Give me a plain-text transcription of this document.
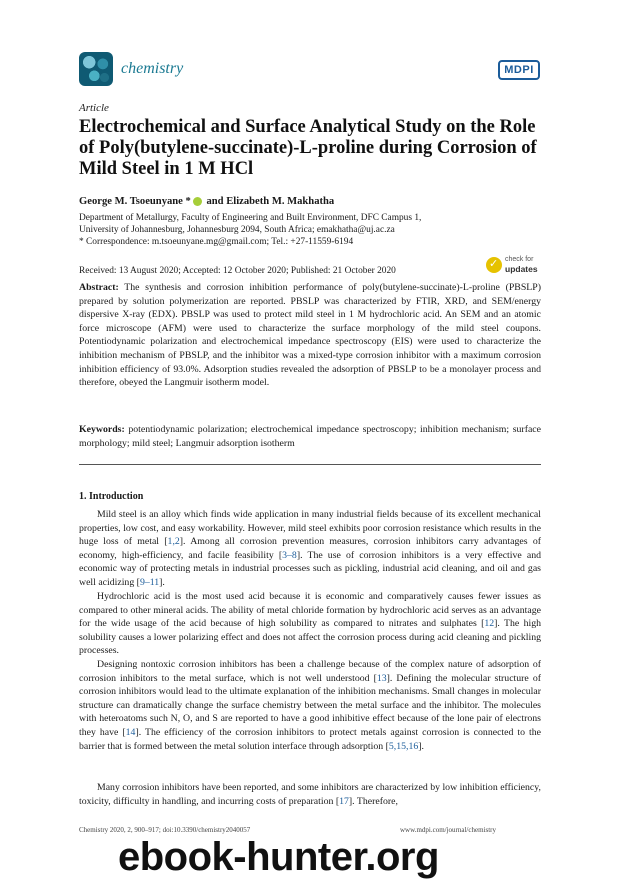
chemistry	MDPI
Article
Electrochemical and Surface Analytical Study on the Role of Poly(butylene-succinate)-L-proline during Corrosion of Mild Steel in 1 M HCl
George M. Tsoeunyane * and Elizabeth M. Makhatha
Department of Metallurgy, Faculty of Engineering and Built Environment, DFC Campus 1,
University of Johannesburg, Johannesburg 2094, South Africa; emakhatha@uj.ac.za
* Correspondence: m.tsoeunyane.mg@gmail.com; Tel.: +27-11559-6194
Received: 13 August 2020; Accepted: 12 October 2020; Published: 21 October 2020
✓
check for
updates
Abstract: The synthesis and corrosion inhibition performance of poly(butylene-succinate)-L-proline (PBSLP) prepared by solution polymerization are reported. PBSLP was characterized by FTIR, XRD, and SEM/energy dispersive X-ray (EDX). PBSLP was used to protect mild steel in 1 M hydrochloric acid. An SEM and an atomic force microscope (AFM) were used to characterize the surface morphology of the mild steel coupons. Potentiodynamic polarization and electrochemical impedance spectroscopy (EIS) were used to characterize the inhibition mechanism of PBSLP, and the inhibitor was a mixed-type corrosion inhibitor with a maximum corrosion inhibition efficiency of 93.0%. Adsorption studies revealed the adsorption of PBSLP to be a monolayer process and therefore, obeyed the Langmuir isotherm model.
Keywords: potentiodynamic polarization; electrochemical impedance spectroscopy; inhibition mechanism; surface morphology; mild steel; Langmuir adsorption isotherm
1. Introduction

Mild steel is an alloy which finds wide application in many industrial fields because of its excellent mechanical properties, low cost, and easy workability. However, mild steel exhibits poor corrosion resistance which results in the huge loss of metal [1,2]. Among all corrosion prevention measures, corrosion inhibitors carry advantages of economy, high-efficiency, and facile feasibility [3–8]. The use of corrosion inhibitors is a very effective and economic way of protecting metals in industrial processes such as pickling, industrial acid cleaning, and oil and gas well acidizing [9–11].

Hydrochloric acid is the most used acid because it is economic and comparatively causes fewer issues as compared to other mineral acids. The ability of metal chloride formation by hydrochloric acid serves as an advantage for the wide usage of the acid because of high solubility as compared to nitrates and sulphates [12]. The high solubility causes a lower polarizing effect and does not affect the corrosion process during acid cleaning and pickling processes.

Designing nontoxic corrosion inhibitors has been a challenge because of the complex nature of adsorption of corrosion inhibitors to the metal surface, which is not well understood [13]. Defining the molecular structure of corrosion inhibitors would lead to the ultimate explanation of the inhibition mechanisms. Small changes in molecular structure can dramatically change the surface chemistry between the metal surface and the inhibitor. The molecules with heteroatoms such N, O, and S are reported to have a good inhibitive effect because of the lone pair of electrons they have [14]. The efficiency of the corrosion inhibitors to protect metals against corrosion is connected to the barrier that is formed between the metal solution interface through adsorption [5,15,16].

Many corrosion inhibitors have been reported, and some inhibitors are characterized by low inhibition efficiency, toxicity, difficulty in handling, and incurring costs of preparation [17]. Therefore,

Chemistry 2020, 2, 900–917; doi:10.3390/chemistry2040057	www.mdpi.com/journal/chemistry
ebook-hunter.org
